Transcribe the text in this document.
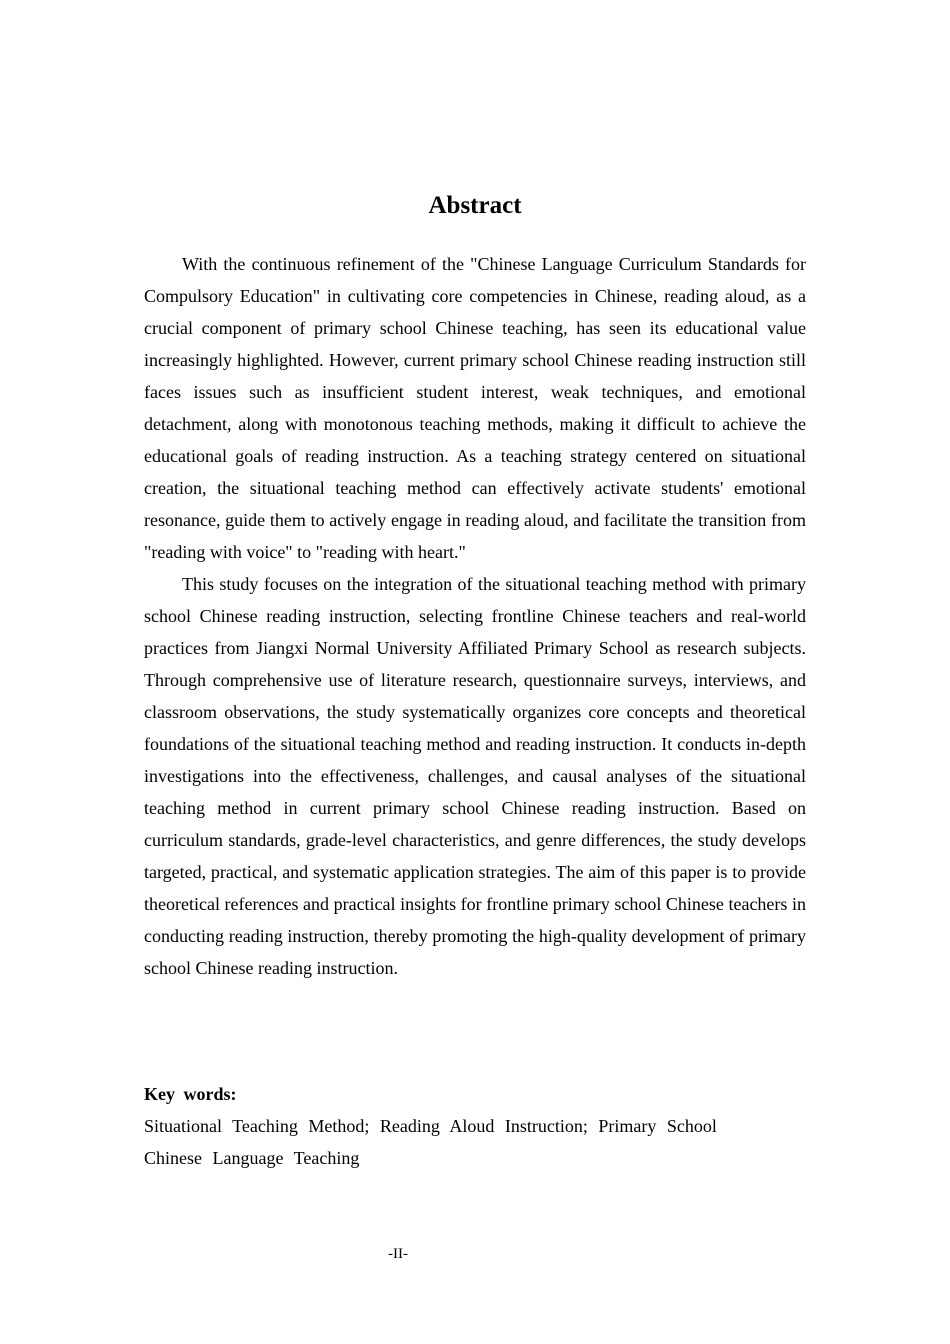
Abstract

With the continuous refinement of the "Chinese Language Curriculum Standards for Compulsory Education" in cultivating core competencies in Chinese, reading aloud, as a crucial component of primary school Chinese teaching, has seen its educational value increasingly highlighted. However, current primary school Chinese reading instruction still faces issues such as insufficient student interest, weak techniques, and emotional detachment, along with monotonous teaching methods, making it difficult to achieve the educational goals of reading instruction. As a teaching strategy centered on situational creation, the situational teaching method can effectively activate students' emotional resonance, guide them to actively engage in reading aloud, and facilitate the transition from "reading with voice" to "reading with heart."

This study focuses on the integration of the situational teaching method with primary school Chinese reading instruction, selecting frontline Chinese teachers and real-world practices from Jiangxi Normal University Affiliated Primary School as research subjects. Through comprehensive use of literature research, questionnaire surveys, interviews, and classroom observations, the study systematically organizes core concepts and theoretical foundations of the situational teaching method and reading instruction. It conducts in-depth investigations into the effectiveness, challenges, and causal analyses of the situational teaching method in current primary school Chinese reading instruction. Based on curriculum standards, grade-level characteristics, and genre differences, the study develops targeted, practical, and systematic application strategies. The aim of this paper is to provide theoretical references and practical insights for frontline primary school Chinese teachers in conducting reading instruction, thereby promoting the high-quality development of primary school Chinese reading instruction.

Key words:
Situational Teaching Method; Reading Aloud Instruction; Primary School
Chinese Language Teaching
-II-
